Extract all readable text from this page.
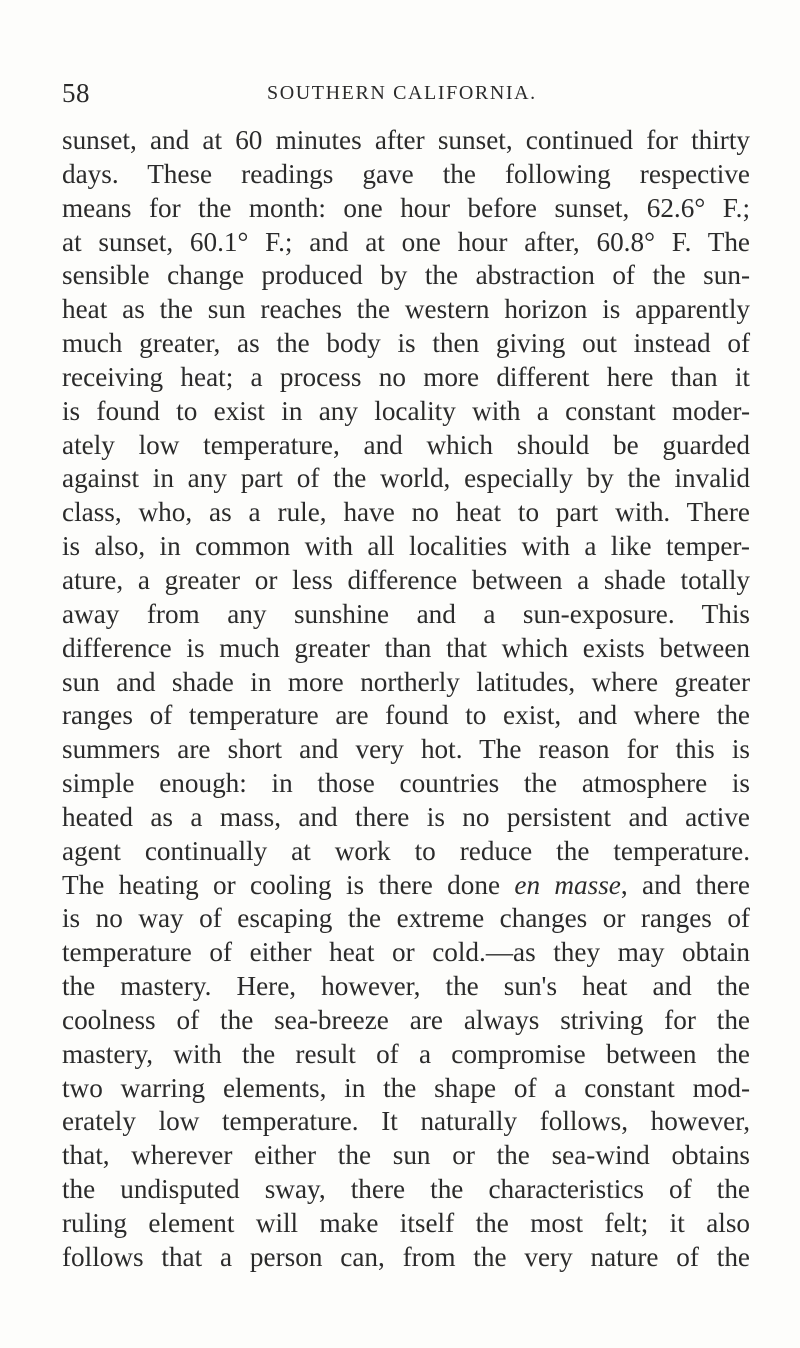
58	SOUTHERN CALIFORNIA.
sunset, and at 60 minutes after sunset, continued for thirty
days. These readings gave the following respective
means for the month: one hour before sunset, 62.6° F.;
at sunset, 60.1° F.; and at one hour after, 60.8° F. The
sensible change produced by the abstraction of the sun-
heat as the sun reaches the western horizon is apparently
much greater, as the body is then giving out instead of
receiving heat; a process no more different here than it
is found to exist in any locality with a constant moder-
ately low temperature, and which should be guarded
against in any part of the world, especially by the invalid
class, who, as a rule, have no heat to part with. There
is also, in common with all localities with a like temper-
ature, a greater or less difference between a shade totally
away from any sunshine and a sun-exposure. This
difference is much greater than that which exists between
sun and shade in more northerly latitudes, where greater
ranges of temperature are found to exist, and where the
summers are short and very hot. The reason for this is
simple enough: in those countries the atmosphere is
heated as a mass, and there is no persistent and active
agent continually at work to reduce the temperature.
The heating or cooling is there done en masse, and there
is no way of escaping the extreme changes or ranges of
temperature of either heat or cold.—as they may obtain
the mastery. Here, however, the sun's heat and the
coolness of the sea-breeze are always striving for the
mastery, with the result of a compromise between the
two warring elements, in the shape of a constant mod-
erately low temperature. It naturally follows, however,
that, wherever either the sun or the sea-wind obtains
the undisputed sway, there the characteristics of the
ruling element will make itself the most felt; it also
follows that a person can, from the very nature of the
